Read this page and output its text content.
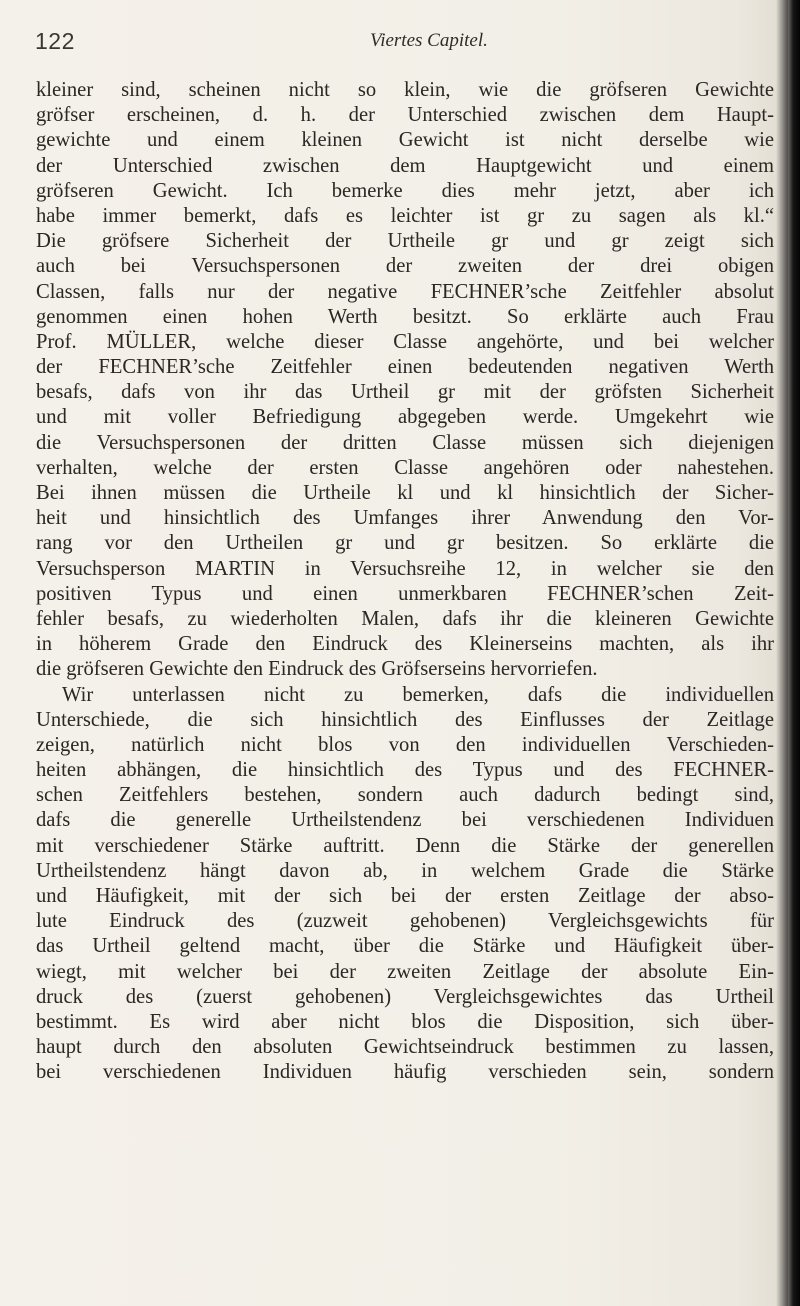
122	Viertes Capitel.
kleiner sind, scheinen nicht so klein, wie die gröfseren Gewichte
gröfser erscheinen, d. h. der Unterschied zwischen dem Haupt-
gewichte und einem kleinen Gewicht ist nicht derselbe wie
der Unterschied zwischen dem Hauptgewicht und einem
gröfseren Gewicht. Ich bemerke dies mehr jetzt, aber ich
habe immer bemerkt, dafs es leichter ist gr zu sagen als kl.“
Die gröfsere Sicherheit der Urtheile gr und gr zeigt sich
auch bei Versuchspersonen der zweiten der drei obigen
Classen, falls nur der negative FECHNER’sche Zeitfehler absolut
genommen einen hohen Werth besitzt. So erklärte auch Frau
Prof. MÜLLER, welche dieser Classe angehörte, und bei welcher
der FECHNER’sche Zeitfehler einen bedeutenden negativen Werth
besafs, dafs von ihr das Urtheil gr mit der gröfsten Sicherheit
und mit voller Befriedigung abgegeben werde. Umgekehrt wie
die Versuchspersonen der dritten Classe müssen sich diejenigen
verhalten, welche der ersten Classe angehören oder nahestehen.
Bei ihnen müssen die Urtheile kl und kl hinsichtlich der Sicher-
heit und hinsichtlich des Umfanges ihrer Anwendung den Vor-
rang vor den Urtheilen gr und gr besitzen. So erklärte die
Versuchsperson MARTIN in Versuchsreihe 12, in welcher sie den
positiven Typus und einen unmerkbaren FECHNER’schen Zeit-
fehler besafs, zu wiederholten Malen, dafs ihr die kleineren Gewichte
in höherem Grade den Eindruck des Kleinerseins machten, als ihr
die gröfseren Gewichte den Eindruck des Gröfserseins hervorriefen.
Wir unterlassen nicht zu bemerken, dafs die individuellen
Unterschiede, die sich hinsichtlich des Einflusses der Zeitlage
zeigen, natürlich nicht blos von den individuellen Verschieden-
heiten abhängen, die hinsichtlich des Typus und des FECHNER-
schen Zeitfehlers bestehen, sondern auch dadurch bedingt sind,
dafs die generelle Urtheilstendenz bei verschiedenen Individuen
mit verschiedener Stärke auftritt. Denn die Stärke der generellen
Urtheilstendenz hängt davon ab, in welchem Grade die Stärke
und Häufigkeit, mit der sich bei der ersten Zeitlage der abso-
lute Eindruck des (zuzweit gehobenen) Vergleichsgewichts für
das Urtheil geltend macht, über die Stärke und Häufigkeit über-
wiegt, mit welcher bei der zweiten Zeitlage der absolute Ein-
druck des (zuerst gehobenen) Vergleichsgewichtes das Urtheil
bestimmt. Es wird aber nicht blos die Disposition, sich über-
haupt durch den absoluten Gewichtseindruck bestimmen zu lassen,
bei verschiedenen Individuen häufig verschieden sein, sondern
